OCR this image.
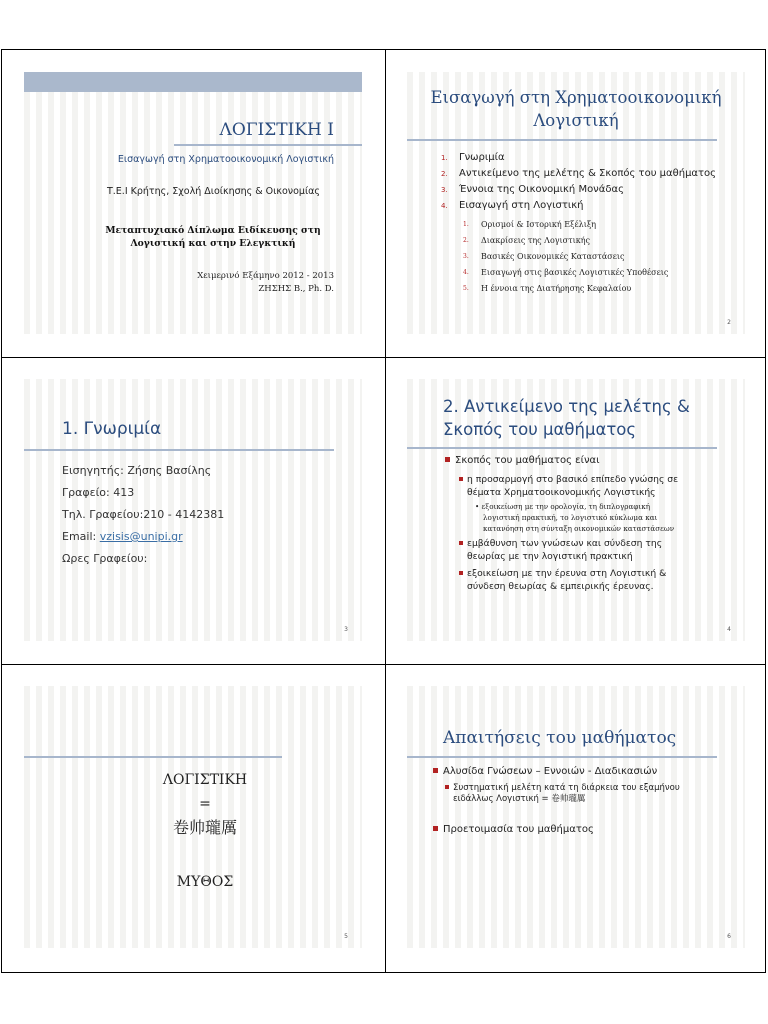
ΛΟΓΙΣΤΙΚΗ Ι
Εισαγωγή στη Χρηματοοικονομική Λογιστική
Τ.Ε.Ι Κρήτης, Σχολή Διοίκησης & Οικονομίας
Μεταπτυχιακό Δίπλωμα Ειδίκευσης στη
Λογιστική και στην Ελεγκτική
Χειμερινό Εξάμηνο 2012 - 2013
ΖΗΣΗΣ Β., Ph. D.
Εισαγωγή στη Χρηματοοικονομική
Λογιστική
1. Γνωριμία
2. Αντικείμενο της μελέτης & Σκοπός του μαθήματος
3. Έννοια της Οικονομική Μονάδας
4. Εισαγωγή στη Λογιστική
1. Ορισμοί & Ιστορική Εξέλιξη
2. Διακρίσεις της Λογιστικής
3. Βασικές Οικονομικές Καταστάσεις
4. Εισαγωγή στις βασικές Λογιστικές Υποθέσεις
5. Η έννοια της Διατήρησης Κεφαλαίου
2
1. Γνωριμία
Εισηγητής: Ζήσης Βασίλης
Γραφείο: 413
Τηλ. Γραφείου:210 - 4142381
Email: vzisis@unipi.gr
Ωρες Γραφείου:
3
2. Αντικείμενο της μελέτης &
Σκοπός του μαθήματος
Σκοπός του μαθήματος είναι
η προσαρμογή στο βασικό επίπεδο γνώσης σε
θέματα Χρηματοοικονομικής Λογιστικής
• εξοικείωση με την ορολογία, τη διπλογραφική
λογιστική πρακτική, το λογιστικό κύκλωμα και
κατανόηση στη σύνταξη οικονομικών καταστάσεων
εμβάθυνση των γνώσεων και σύνδεση της
θεωρίας με την λογιστική πρακτική
εξοικείωση με την έρευνα στη Λογιστική &
σύνδεση θεωρίας & εμπειρικής έρευνας.
4
ΛΟΓΙΣΤΙΚΗ
=
卷帅瓏厲
ΜΥΘΟΣ
5
Απαιτήσεις του μαθήματος
Αλυσίδα Γνώσεων – Εννοιών - Διαδικασιών
Συστηματική μελέτη κατά τη διάρκεια του εξαμήνου
ειδάλλως Λογιστική = 卷帅瓏厲
Προετοιμασία του μαθήματος
6
